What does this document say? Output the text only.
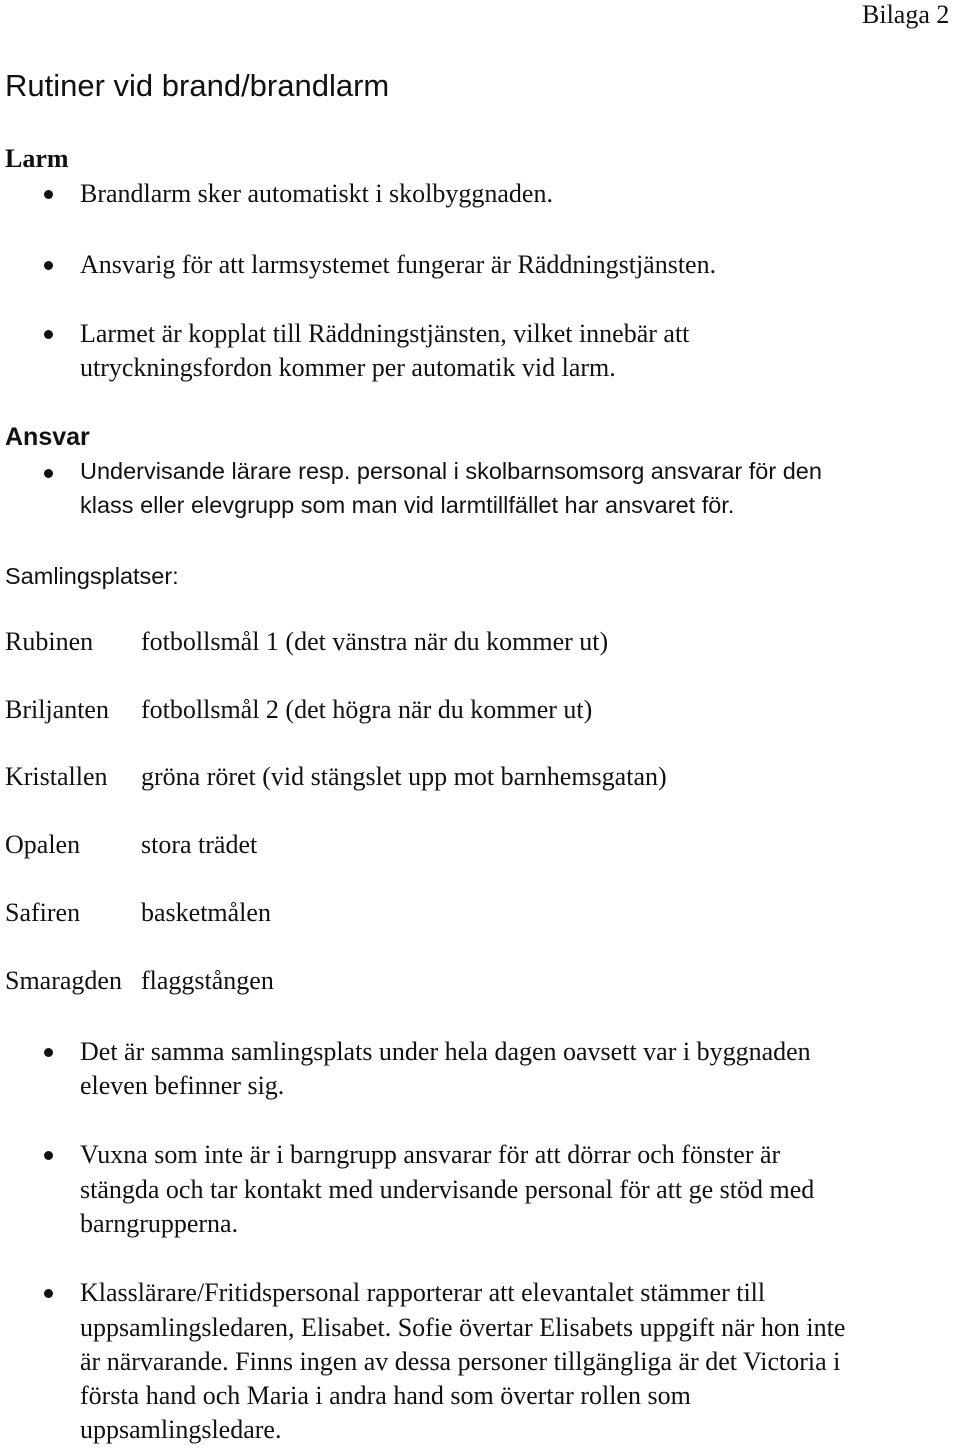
Bilaga 2

Rutiner vid brand/brandlarm
Larm

Brandlarm sker automatiskt i skolbyggnaden.

Ansvarig för att larmsystemet fungerar är Räddningstjänsten.

Larmet är kopplat till Räddningstjänsten, vilket innebär att

utryckningsfordon kommer per automatik vid larm.

Ansvar

Undervisande lärare resp. personal i skolbarnsomsorg ansvarar för den

klass eller elevgrupp som man vid larmtillfället har ansvaret för.

Samlingsplatser:

Rubinen fotbollsmål 1 (det vänstra när du kommer ut)

Briljanten fotbollsmål 2 (det högra när du kommer ut)

Kristallen gröna röret (vid stängslet upp mot barnhemsgatan)

Opalen stora trädet

Safiren basketmålen

Smaragden flaggstången

Det är samma samlingsplats under hela dagen oavsett var i byggnaden

eleven befinner sig.

Vuxna som inte är i barngrupp ansvarar för att dörrar och fönster är

stängda och tar kontakt med undervisande personal för att ge stöd med

barngrupperna.

Klasslärare/Fritidspersonal rapporterar att elevantalet stämmer till

uppsamlingsledaren, Elisabet. Sofie övertar Elisabets uppgift när hon inte

är närvarande. Finns ingen av dessa personer tillgängliga är det Victoria i

första hand och Maria i andra hand som övertar rollen som

uppsamlingsledare.
